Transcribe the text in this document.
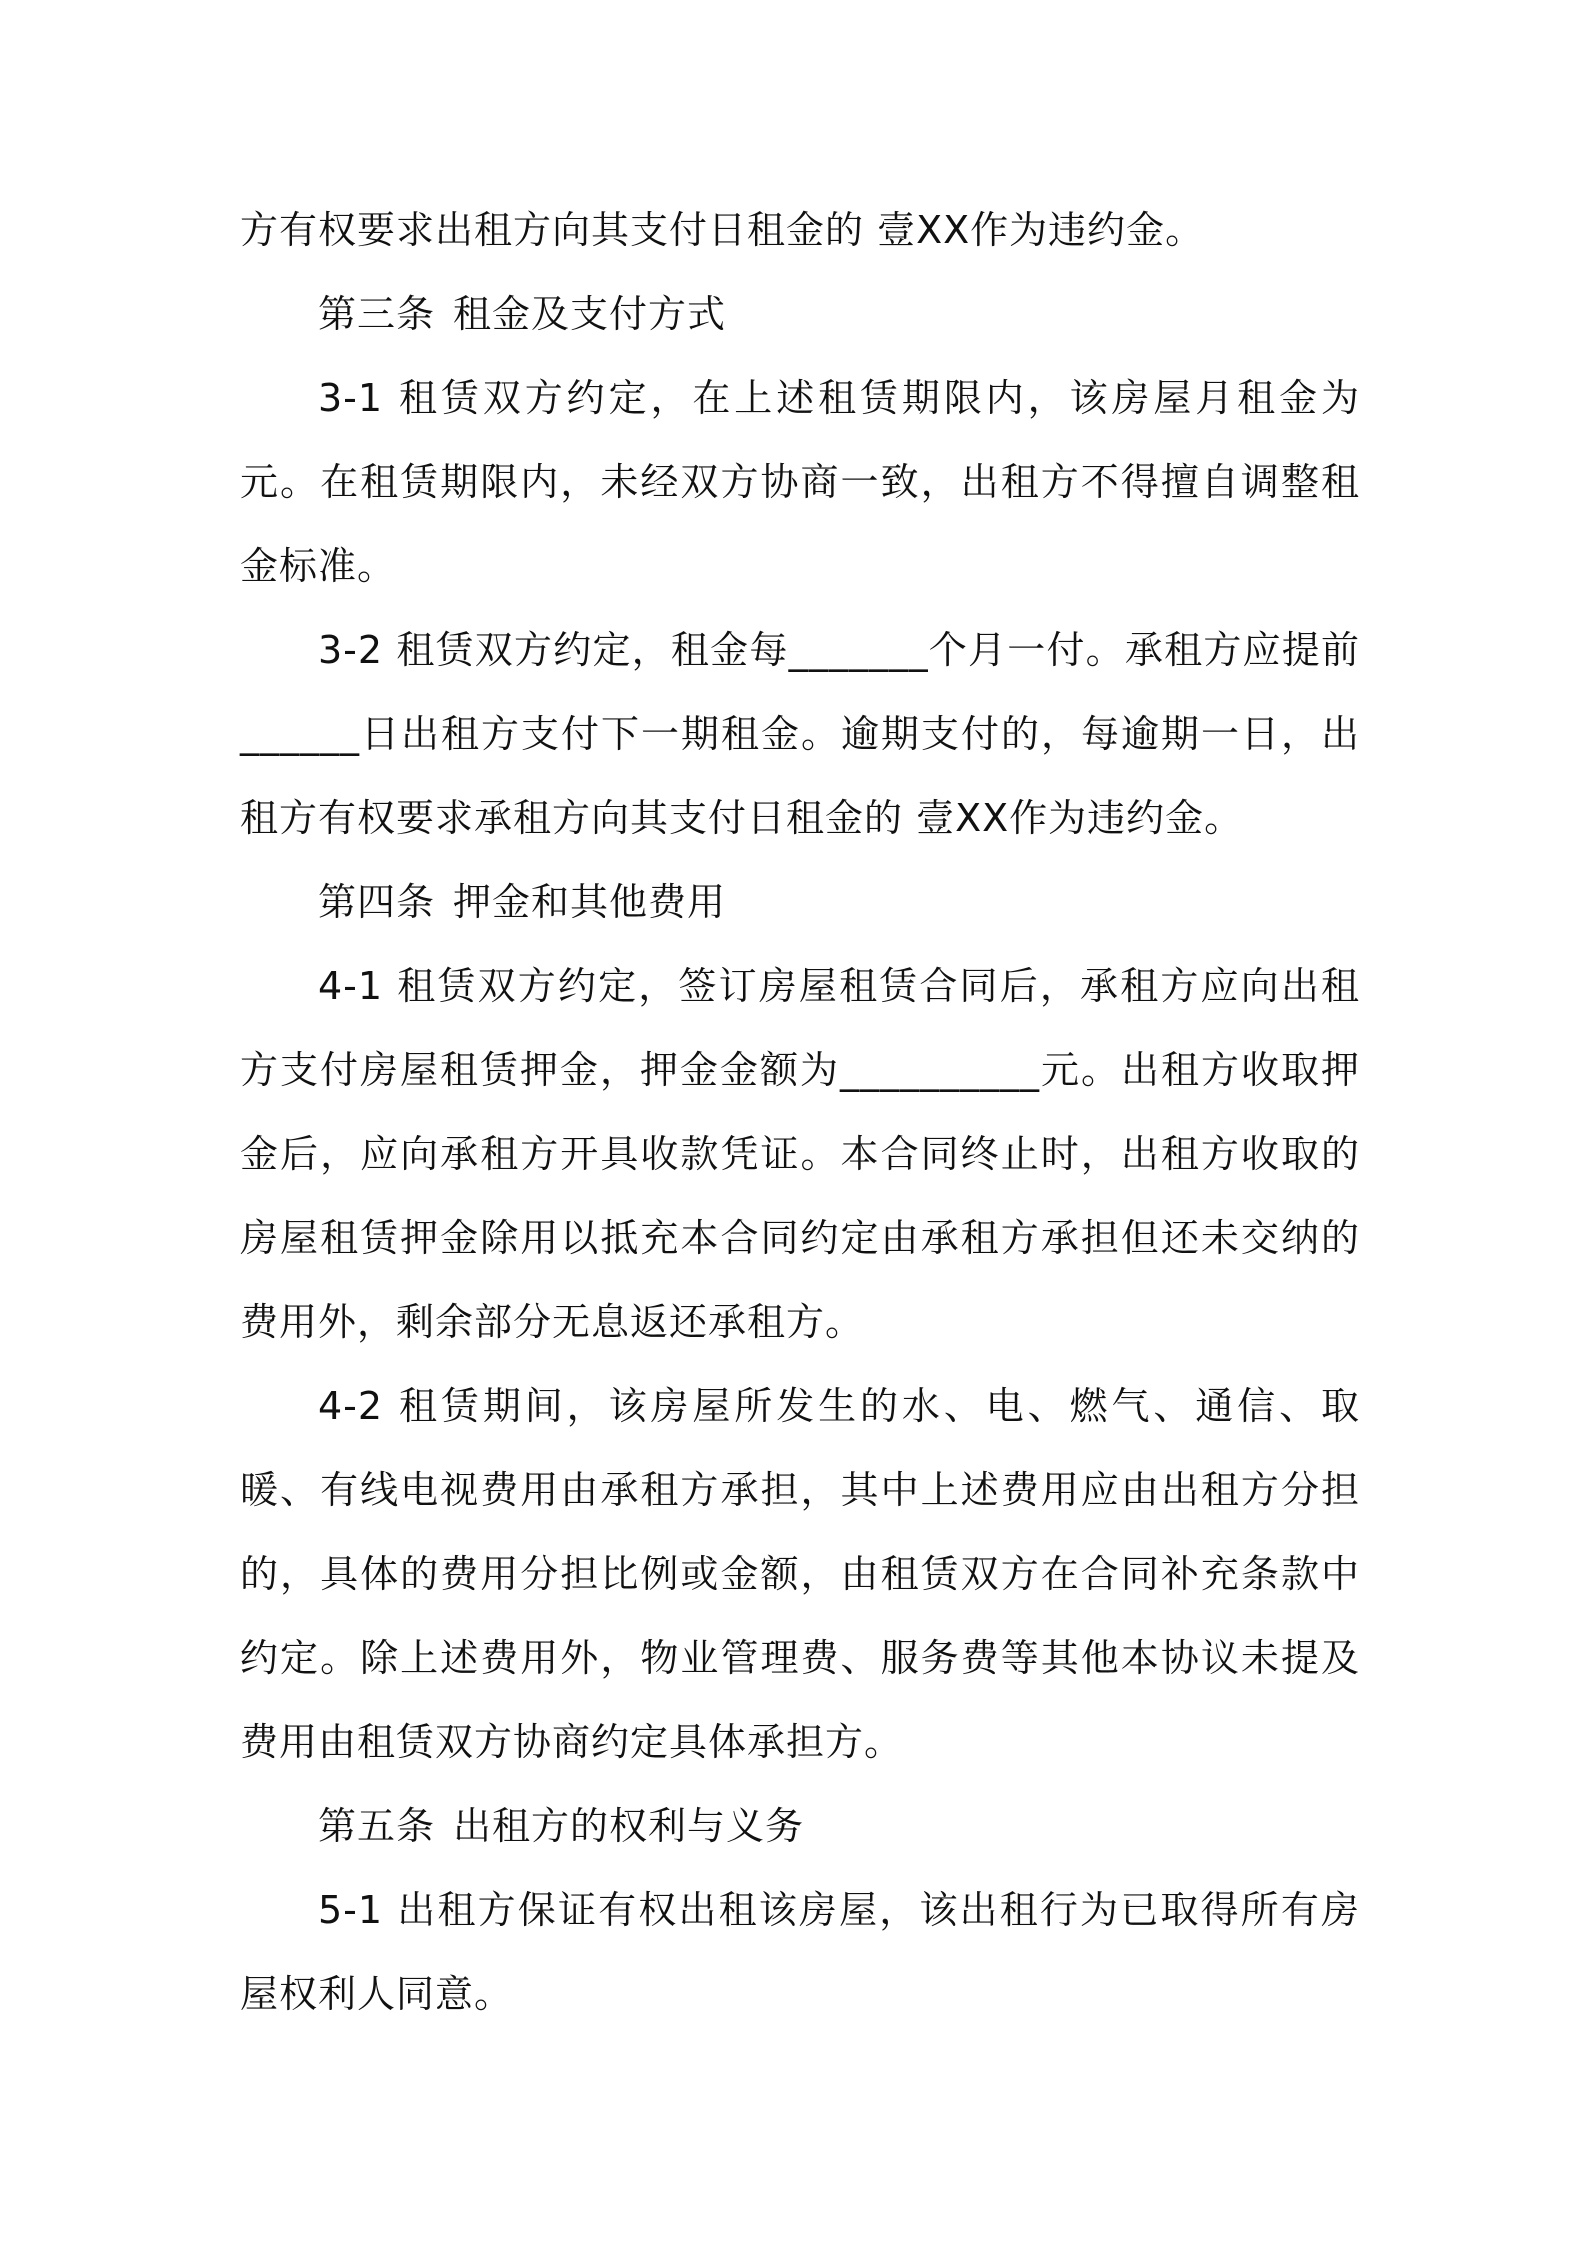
方有权要求出租方向其支付日租金的 壹XX作为违约金。

第三条 租金及支付方式

3-1 租赁双方约定，在上述租赁期限内，该房屋月租金为元。在租赁期限内，未经双方协商一致，出租方不得擅自调整租金标准。

3-2 租赁双方约定，租金每_______个月一付。承租方应提前______日出租方支付下一期租金。逾期支付的，每逾期一日，出租方有权要求承租方向其支付日租金的 壹XX作为违约金。

第四条 押金和其他费用

4-1 租赁双方约定，签订房屋租赁合同后，承租方应向出租方支付房屋租赁押金，押金金额为__________元。出租方收取押金后，应向承租方开具收款凭证。本合同终止时，出租方收取的房屋租赁押金除用以抵充本合同约定由承租方承担但还未交纳的费用外，剩余部分无息返还承租方。

4-2 租赁期间，该房屋所发生的水、电、燃气、通信、取暖、有线电视费用由承租方承担，其中上述费用应由出租方分担的，具体的费用分担比例或金额，由租赁双方在合同补充条款中约定。除上述费用外，物业管理费、服务费等其他本协议未提及费用由租赁双方协商约定具体承担方。

第五条 出租方的权利与义务

5-1 出租方保证有权出租该房屋，该出租行为已取得所有房屋权利人同意。
